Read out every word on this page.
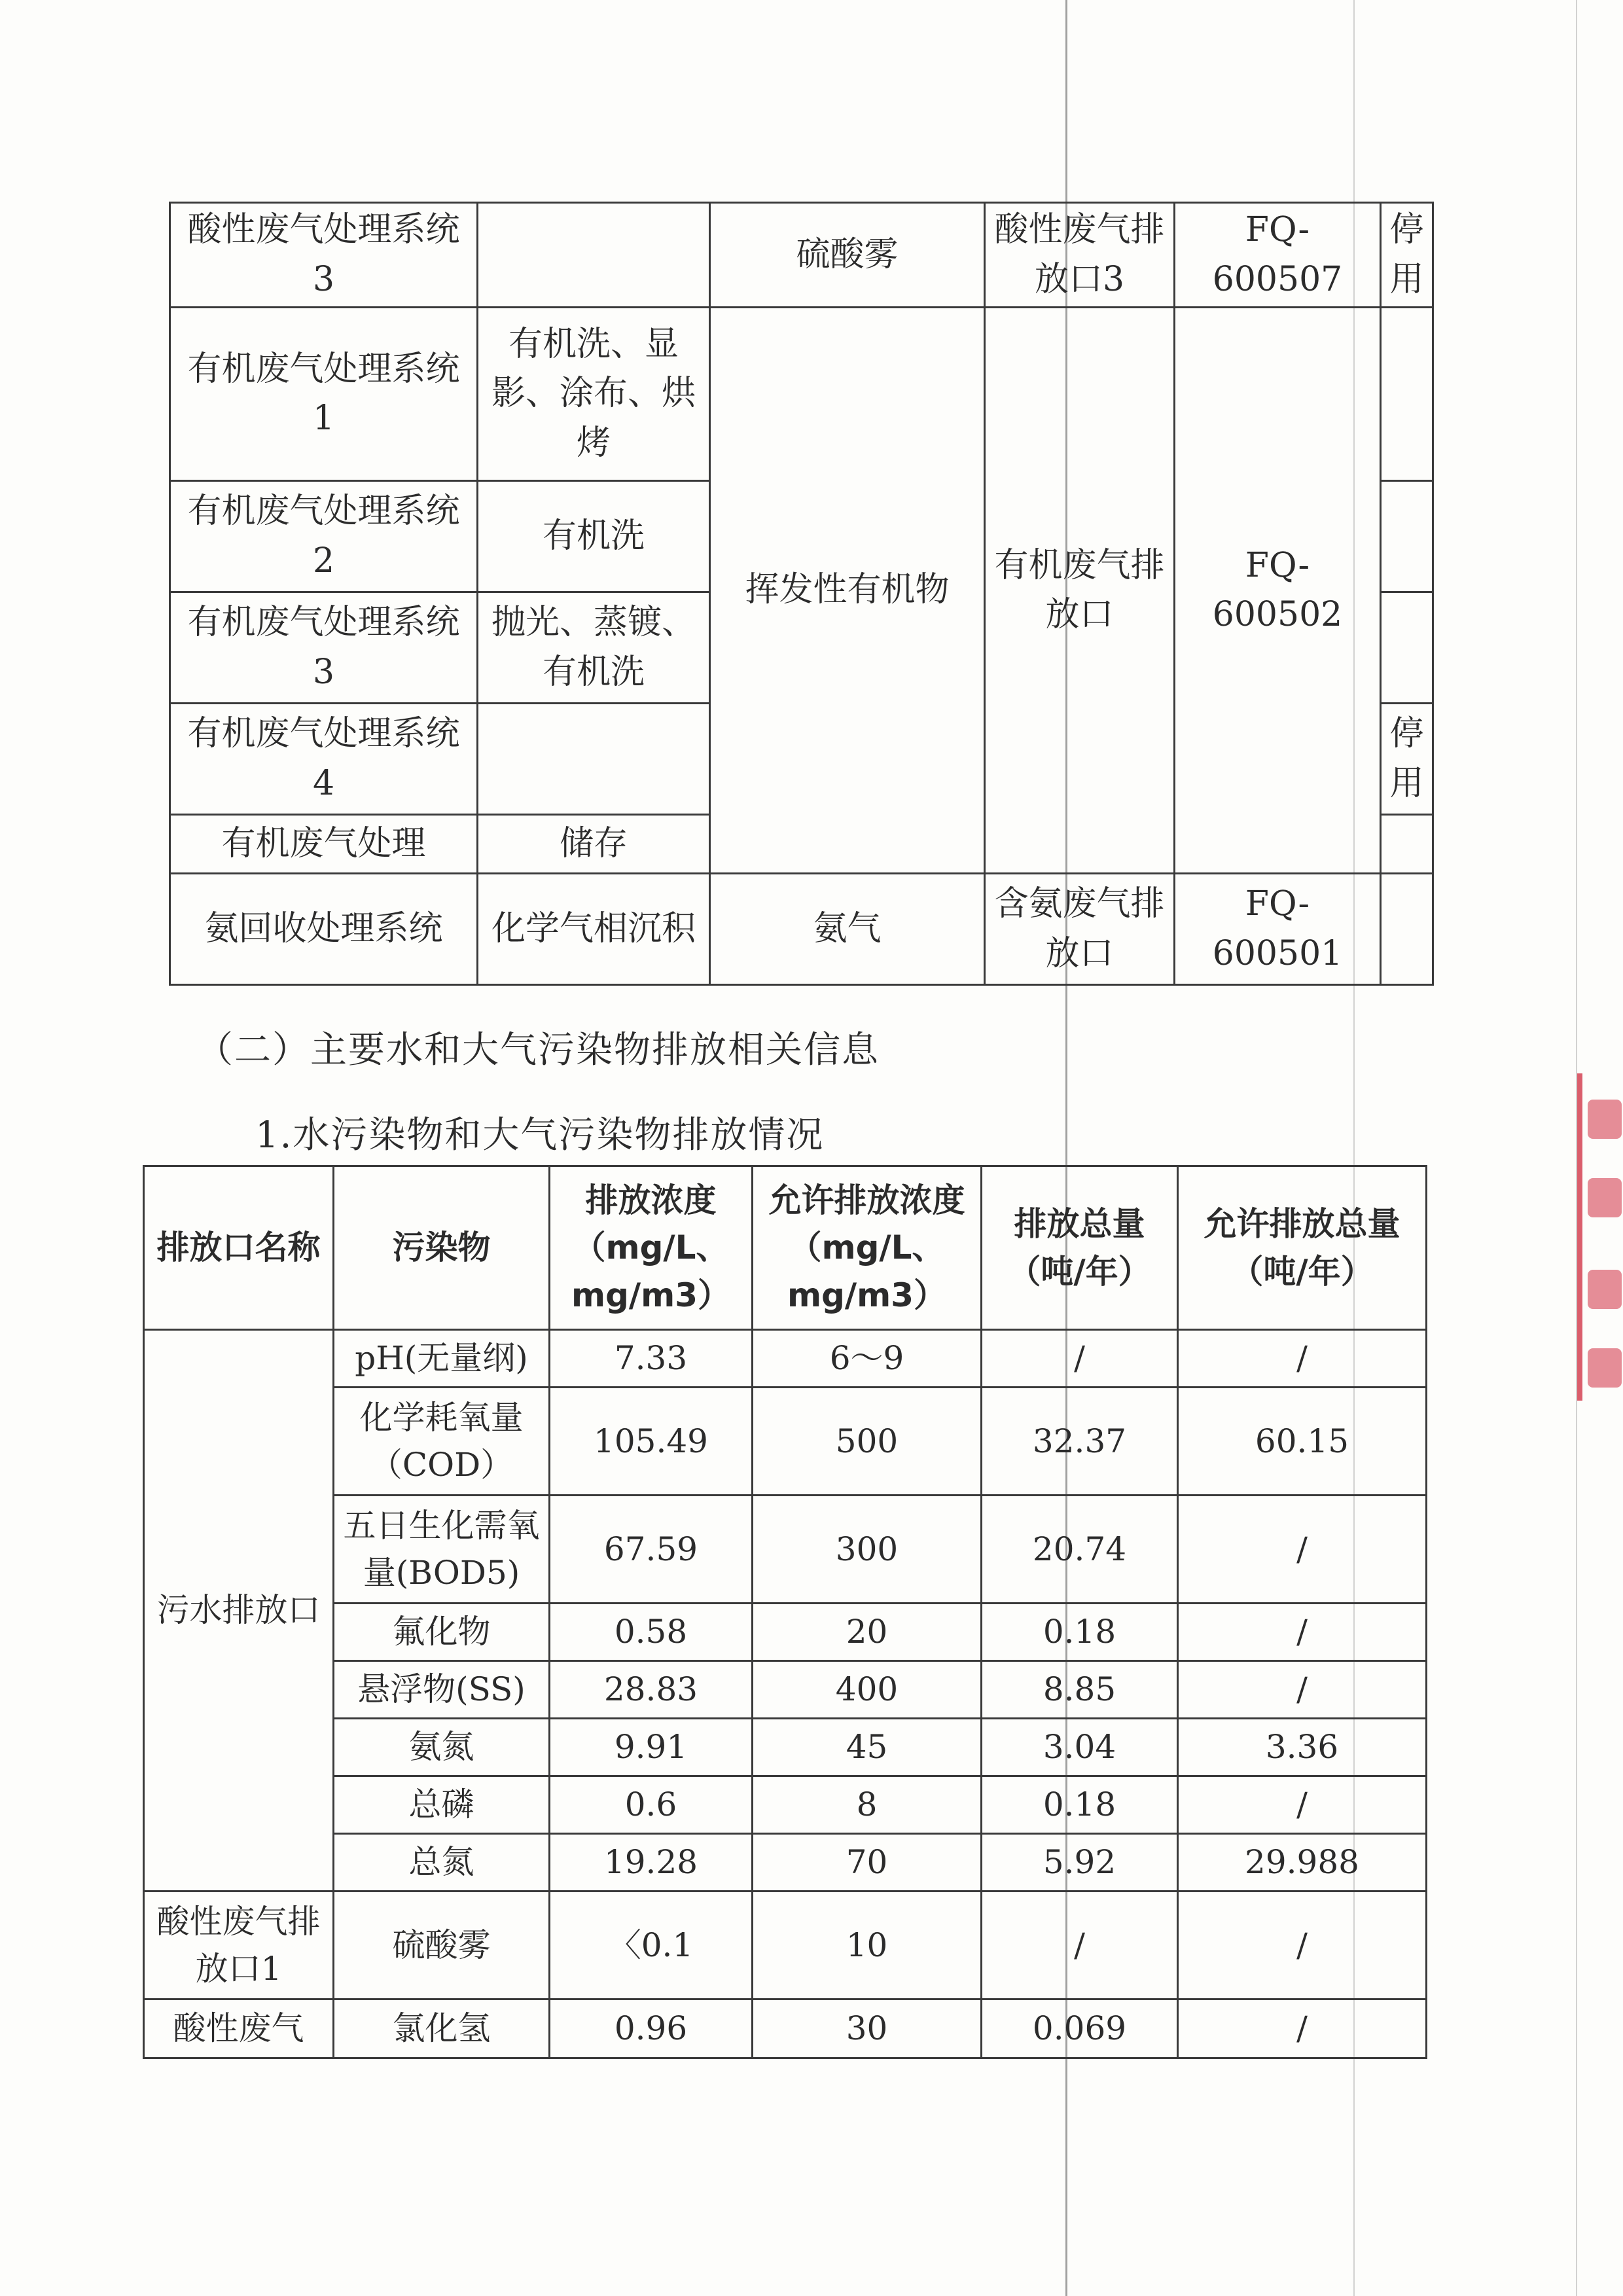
酸性废气处理系统3		硫酸雾	酸性废气排放口3	FQ-600507	停用
有机废气处理系统1	有机洗、显影、涂布、烘烤	挥发性有机物	有机废气排放口	FQ-600502	
有机废气处理系统2	有机洗				
有机废气处理系统3	抛光、蒸镀、有机洗				
有机废气处理系统4					停用
有机废气处理	储存				
氨回收处理系统	化学气相沉积	氨气	含氨废气排放口	FQ-600501	
（二）主要水和大气污染物排放相关信息
1.水污染物和大气污染物排放情况
排放口名称	污染物	排放浓度（mg/L、mg/m3）	允许排放浓度（mg/L、mg/m3）	排放总量（吨/年）	允许排放总量（吨/年）
污水排放口	pH(无量纲)	7.33	6～9	/	/
	化学耗氧量（COD）	105.49	500	32.37	60.15
	五日生化需氧量(BOD5)	67.59	300	20.74	/
	氟化物	0.58	20	0.18	/
	悬浮物(SS)	28.83	400	8.85	/
	氨氮	9.91	45	3.04	3.36
	总磷	0.6	8	0.18	/
	总氮	19.28	70	5.92	29.988
酸性废气排放口1	硫酸雾	〈0.1	10	/	/
酸性废气	氯化氢	0.96	30	0.069	/
